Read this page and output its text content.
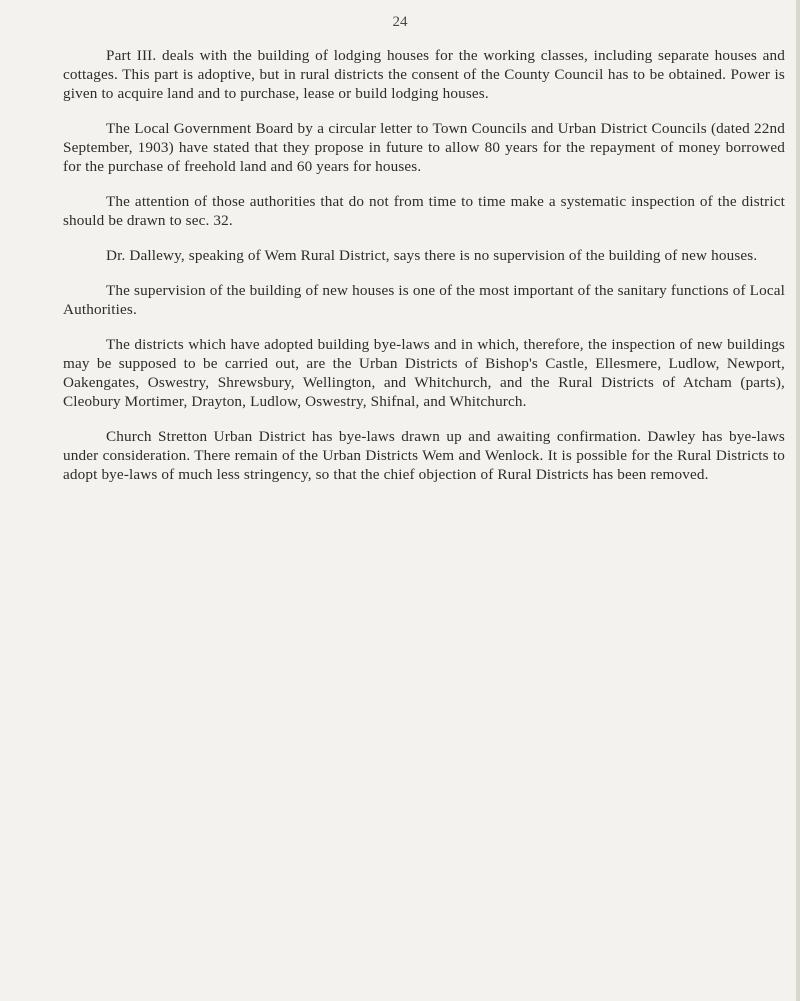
24

Part III. deals with the building of lodging houses for the working classes, including separate houses and cottages. This part is adoptive, but in rural districts the consent of the County Council has to be obtained. Power is given to acquire land and to purchase, lease or build lodging houses.

The Local Government Board by a circular letter to Town Councils and Urban District Councils (dated 22nd September, 1903) have stated that they propose in future to allow 80 years for the repayment of money borrowed for the purchase of freehold land and 60 years for houses.

The attention of those authorities that do not from time to time make a systematic inspection of the district should be drawn to sec. 32.

Dr. Dallewy, speaking of Wem Rural District, says there is no supervision of the building of new houses.

The supervision of the building of new houses is one of the most important of the sanitary functions of Local Authorities.

The districts which have adopted building bye-laws and in which, therefore, the inspection of new buildings may be supposed to be carried out, are the Urban Districts of Bishop's Castle, Ellesmere, Ludlow, Newport, Oakengates, Oswestry, Shrewsbury, Wellington, and Whitchurch, and the Rural Districts of Atcham (parts), Cleobury Mortimer, Drayton, Ludlow, Oswestry, Shifnal, and Whitchurch.

Church Stretton Urban District has bye-laws drawn up and awaiting confirmation. Dawley has bye-laws under consideration. There remain of the Urban Districts Wem and Wenlock. It is possible for the Rural Districts to adopt bye-laws of much less stringency, so that the chief objection of Rural Districts has been removed.
